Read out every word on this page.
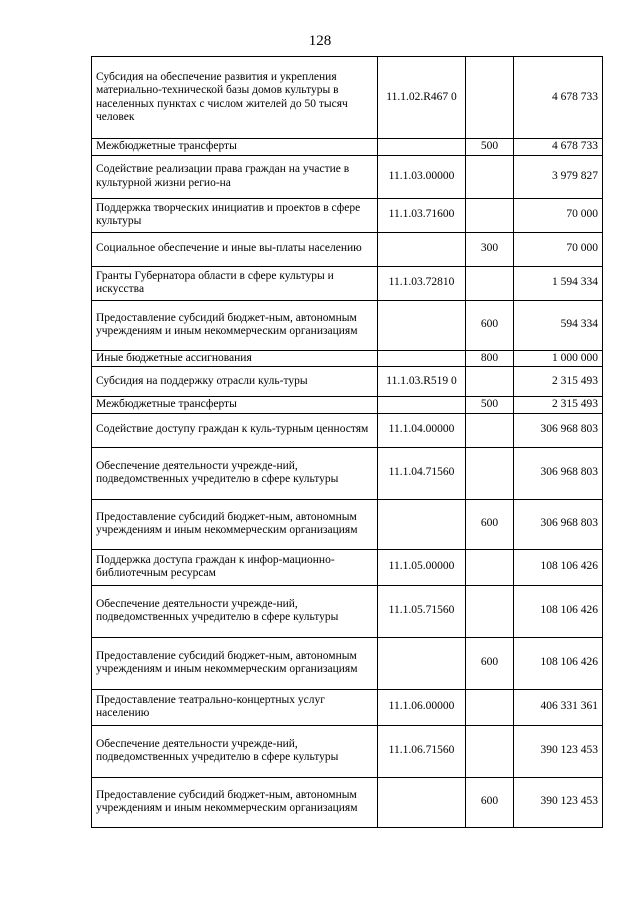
128
Субсидия на обеспечение развития и укрепления материально-технической базы домов культуры в населенных пунктах с числом жителей до 50 тысяч человек	11.1.02.R467 0		4 678 733
Межбюджетные трансферты		500	4 678 733
Содействие реализации права граждан на участие в культурной жизни регио-на	11.1.03.00000		3 979 827
Поддержка творческих инициатив и проектов в сфере культуры	11.1.03.71600		70 000
Социальное обеспечение и иные вы-платы населению		300	70 000
Гранты Губернатора области в сфере культуры и искусства	11.1.03.72810		1 594 334
Предоставление субсидий бюджет-ным, автономным учреждениям и иным некоммерческим организациям		600	594 334
Иные бюджетные ассигнования		800	1 000 000
Субсидия на поддержку отрасли куль-туры	11.1.03.R519 0		2 315 493
Межбюджетные трансферты		500	2 315 493
Содействие доступу граждан к куль-турным ценностям	11.1.04.00000		306 968 803
Обеспечение деятельности учрежде-ний, подведомственных учредителю в сфере культуры	11.1.04.71560		306 968 803
Предоставление субсидий бюджет-ным, автономным учреждениям и иным некоммерческим организациям		600	306 968 803
Поддержка доступа граждан к инфор-мационно-библиотечным ресурсам	11.1.05.00000		108 106 426
Обеспечение деятельности учрежде-ний, подведомственных учредителю в сфере культуры	11.1.05.71560		108 106 426
Предоставление субсидий бюджет-ным, автономным учреждениям и иным некоммерческим организациям		600	108 106 426
Предоставление театрально-концертных услуг населению	11.1.06.00000		406 331 361
Обеспечение деятельности учрежде-ний, подведомственных учредителю в сфере культуры	11.1.06.71560		390 123 453
Предоставление субсидий бюджет-ным, автономным учреждениям и иным некоммерческим организациям		600	390 123 453
